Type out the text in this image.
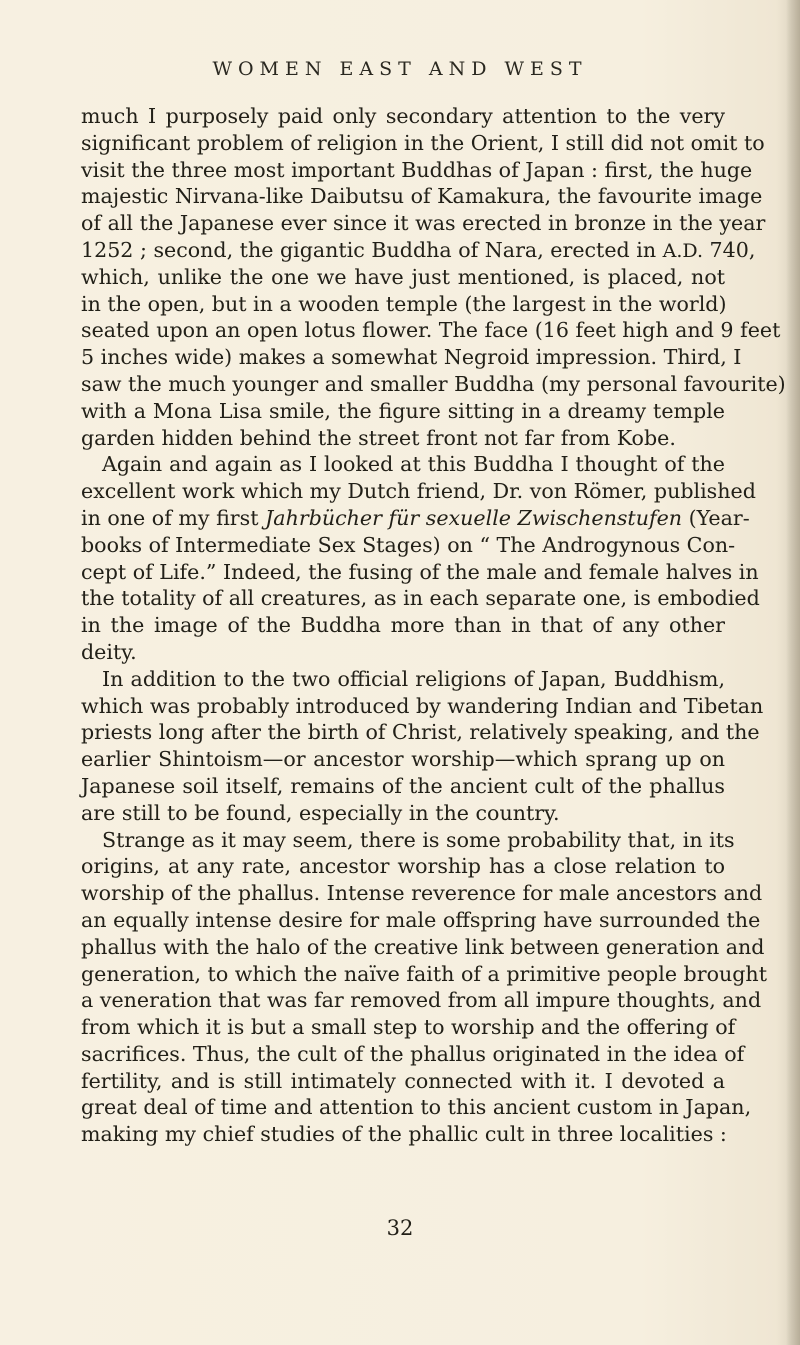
WOMEN EAST AND WEST
much I purposely paid only secondary attention to the very
significant problem of religion in the Orient, I still did not omit to
visit the three most important Buddhas of Japan : first, the huge
majestic Nirvana-like Daibutsu of Kamakura, the favourite image
of all the Japanese ever since it was erected in bronze in the year
1252 ; second, the gigantic Buddha of Nara, erected in A.D. 740,
which, unlike the one we have just mentioned, is placed, not
in the open, but in a wooden temple (the largest in the world)
seated upon an open lotus flower. The face (16 feet high and 9 feet
5 inches wide) makes a somewhat Negroid impression. Third, I
saw the much younger and smaller Buddha (my personal favourite)
with a Mona Lisa smile, the figure sitting in a dreamy temple
garden hidden behind the street front not far from Kobe.
Again and again as I looked at this Buddha I thought of the
excellent work which my Dutch friend, Dr. von Römer, published
in one of my first Jahrbücher für sexuelle Zwischenstufen (Year-
books of Intermediate Sex Stages) on “ The Androgynous Con-
cept of Life.” Indeed, the fusing of the male and female halves in
the totality of all creatures, as in each separate one, is embodied
in the image of the Buddha more than in that of any other
deity.
In addition to the two official religions of Japan, Buddhism,
which was probably introduced by wandering Indian and Tibetan
priests long after the birth of Christ, relatively speaking, and the
earlier Shintoism—or ancestor worship—which sprang up on
Japanese soil itself, remains of the ancient cult of the phallus
are still to be found, especially in the country.
Strange as it may seem, there is some probability that, in its
origins, at any rate, ancestor worship has a close relation to
worship of the phallus. Intense reverence for male ancestors and
an equally intense desire for male offspring have surrounded the
phallus with the halo of the creative link between generation and
generation, to which the naïve faith of a primitive people brought
a veneration that was far removed from all impure thoughts, and
from which it is but a small step to worship and the offering of
sacrifices. Thus, the cult of the phallus originated in the idea of
fertility, and is still intimately connected with it. I devoted a
great deal of time and attention to this ancient custom in Japan,
making my chief studies of the phallic cult in three localities :
32
